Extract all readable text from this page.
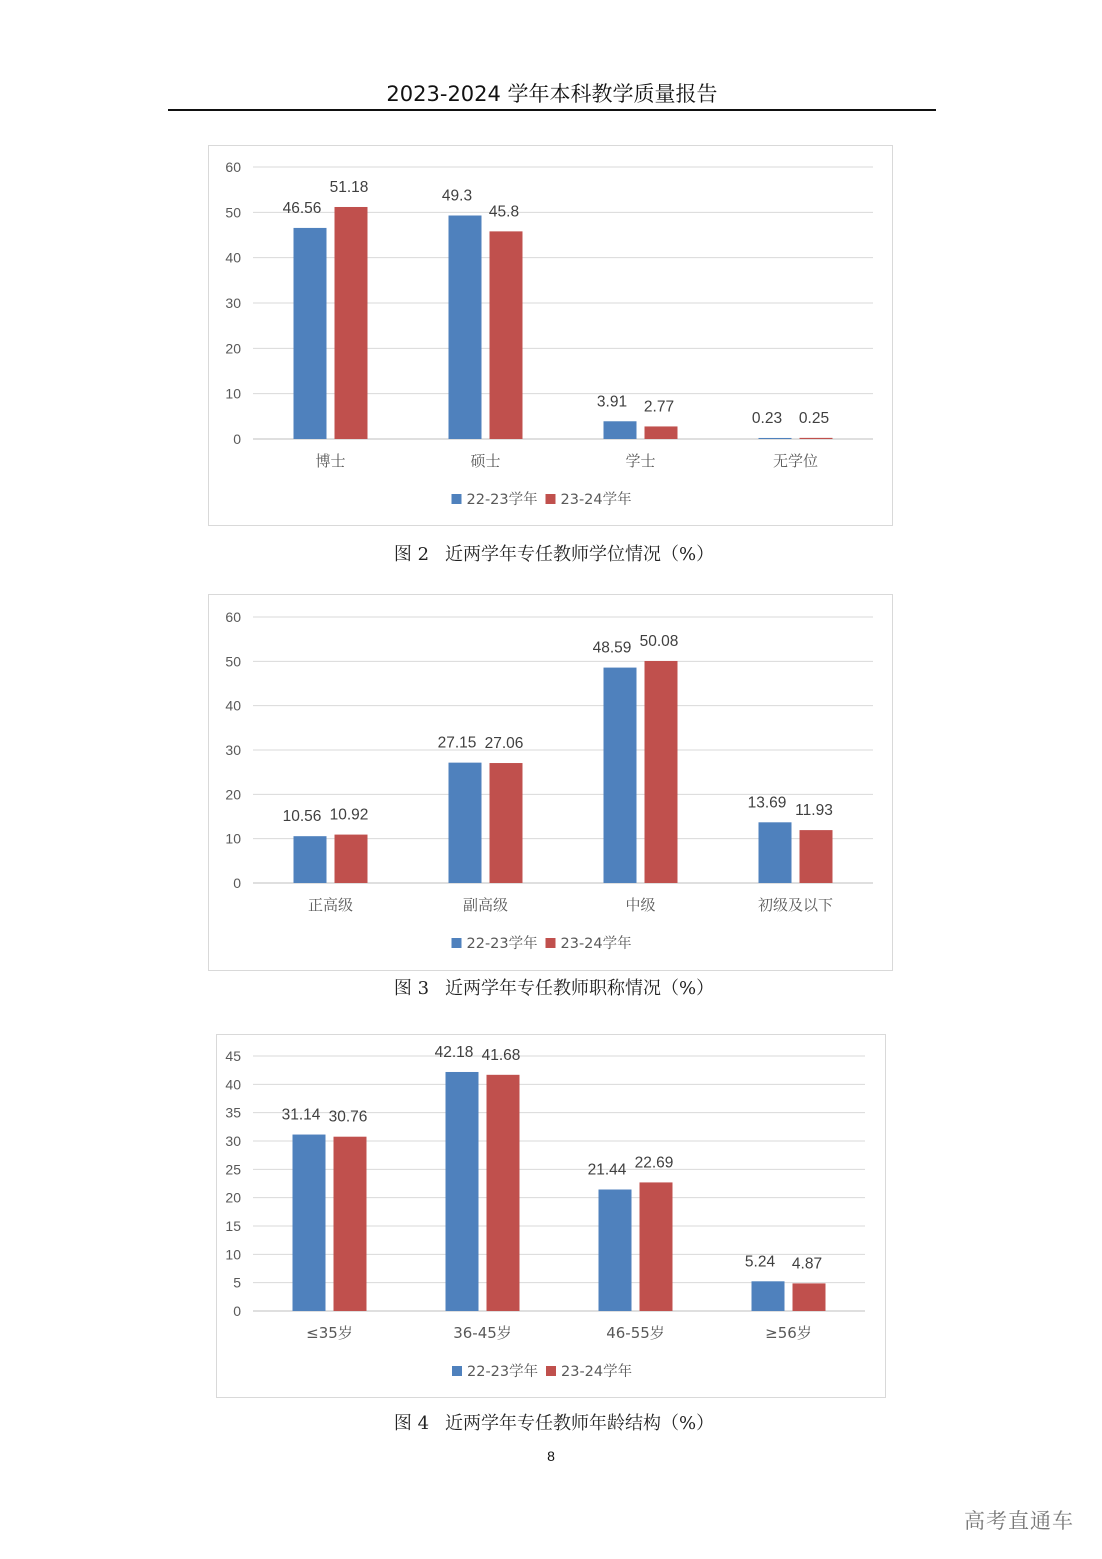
2023-2024 学年本科教学质量报告
0
10
20
30
40
50
60
46.56
51.18
博士
49.3
45.8
硕士
3.91 2.77
学士
0.23 0.25
无学位
22-23学年 23-24学年
图 2 近两学年专任教师学位情况（%）
0
10
20
30
40
50
60
10.56 10.92
正高级
27.15 27.06
副高级
48.59 50.08
中级
13.69 11.93
初级及以下
22-23学年 23-24学年
图 3 近两学年专任教师职称情况（%）
0
5
10
15
20
25
30
35
40
45
31.14 30.76
≤35岁
42.18 41.68
36-45岁
21.44 22.69
46-55岁
5.24 4.87
≥56岁
22-23学年 23-24学年
图 4 近两学年专任教师年龄结构（%）
8
高考直通车
